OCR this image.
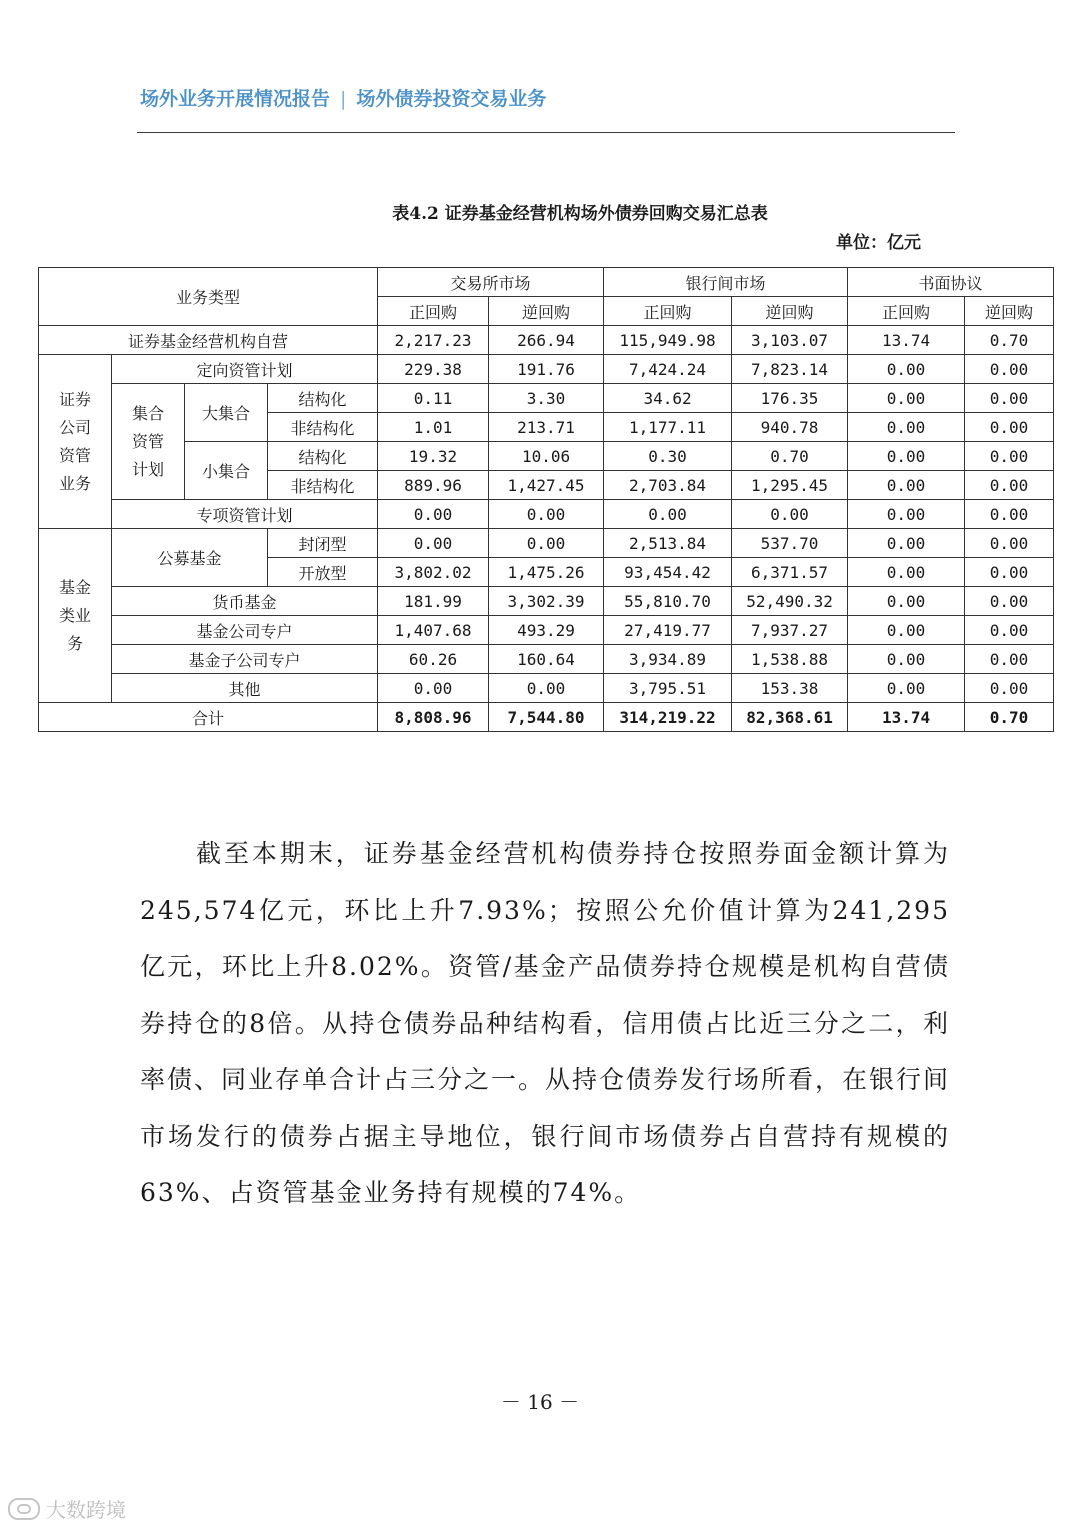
场外业务开展情况报告 | 场外债券投资交易业务
表4.2 证券基金经营机构场外债券回购交易汇总表
单位：亿元
业务类型				交易所市场		银行间市场		书面协议	
				正回购	逆回购	正回购	逆回购	正回购	逆回购
证券基金经营机构自营				2,217.23	266.94	115,949.98	3,103.07	13.74	0.70
证券公司资管业务	定向资管计划			229.38	191.76	7,424.24	7,823.14	0.00	0.00
	集合资管计划	大集合	结构化	0.11	3.30	34.62	176.35	0.00	0.00
			非结构化	1.01	213.71	1,177.11	940.78	0.00	0.00
		小集合	结构化	19.32	10.06	0.30	0.70	0.00	0.00
			非结构化	889.96	1,427.45	2,703.84	1,295.45	0.00	0.00
	专项资管计划			0.00	0.00	0.00	0.00	0.00	0.00
基金类业务	公募基金		封闭型	0.00	0.00	2,513.84	537.70	0.00	0.00
			开放型	3,802.02	1,475.26	93,454.42	6,371.57	0.00	0.00
	货币基金			181.99	3,302.39	55,810.70	52,490.32	0.00	0.00
	基金公司专户			1,407.68	493.29	27,419.77	7,937.27	0.00	0.00
	基金子公司专户			60.26	160.64	3,934.89	1,538.88	0.00	0.00
	其他			0.00	0.00	3,795.51	153.38	0.00	0.00
合计				8,808.96	7,544.80	314,219.22	82,368.61	13.74	0.70

截至本期末，证券基金经营机构债券持仓按照券面金额计算为245,574亿元，环比上升7.93%；按照公允价值计算为241,295亿元，环比上升8.02%。资管/基金产品债券持仓规模是机构自营债券持仓的8倍。从持仓债券品种结构看，信用债占比近三分之二，利率债、同业存单合计占三分之一。从持仓债券发行场所看，在银行间市场发行的债券占据主导地位，银行间市场债券占自营持有规模的63%、占资管基金业务持有规模的74%。

－ 16 －
大数跨境
